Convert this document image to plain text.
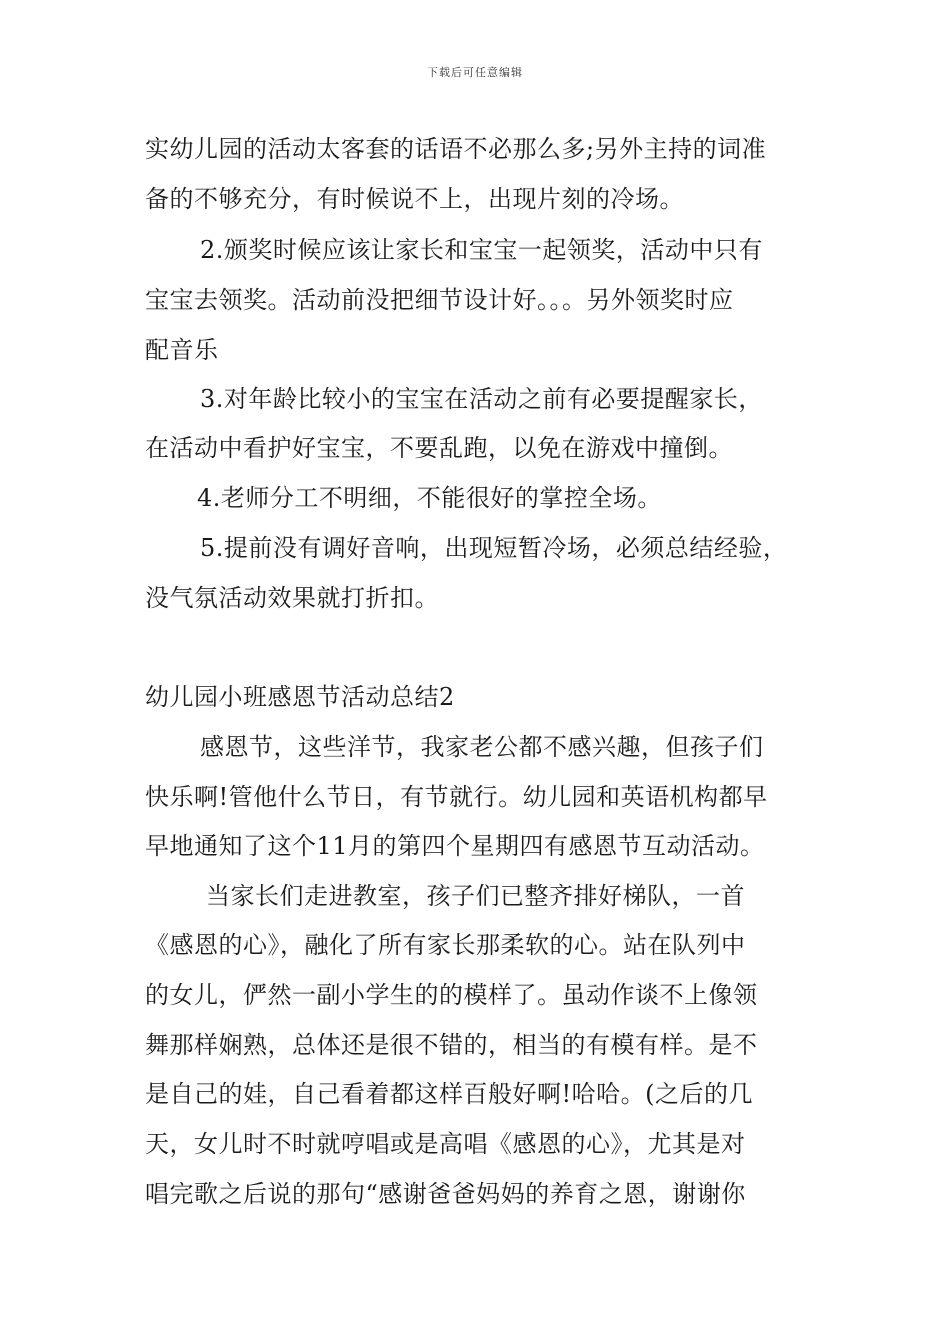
下载后可任意编辑
实幼儿园的活动太客套的话语不必那么多;另外主持的词准
备的不够充分，有时候说不上，出现片刻的冷场。
2.颁奖时候应该让家长和宝宝一起领奖，活动中只有
宝宝去领奖。活动前没把细节设计好。。。另外领奖时应
配音乐
3.对年龄比较小的宝宝在活动之前有必要提醒家长，
在活动中看护好宝宝，不要乱跑，以免在游戏中撞倒。
4.老师分工不明细，不能很好的掌控全场。
5.提前没有调好音响，出现短暂冷场，必须总结经验，
没气氛活动效果就打折扣。
幼儿园小班感恩节活动总结2
感恩节，这些洋节，我家老公都不感兴趣，但孩子们
快乐啊!管他什么节日，有节就行。幼儿园和英语机构都早
早地通知了这个11月的第四个星期四有感恩节互动活动。
当家长们走进教室，孩子们已整齐排好梯队，一首
《感恩的心》，融化了所有家长那柔软的心。站在队列中
的女儿，俨然一副小学生的的模样了。虽动作谈不上像领
舞那样娴熟，总体还是很不错的，相当的有模有样。是不
是自己的娃，自己看着都这样百般好啊!哈哈。(之后的几
天，女儿时不时就哼唱或是高唱《感恩的心》，尤其是对
唱完歌之后说的那句“感谢爸爸妈妈的养育之恩，谢谢你
